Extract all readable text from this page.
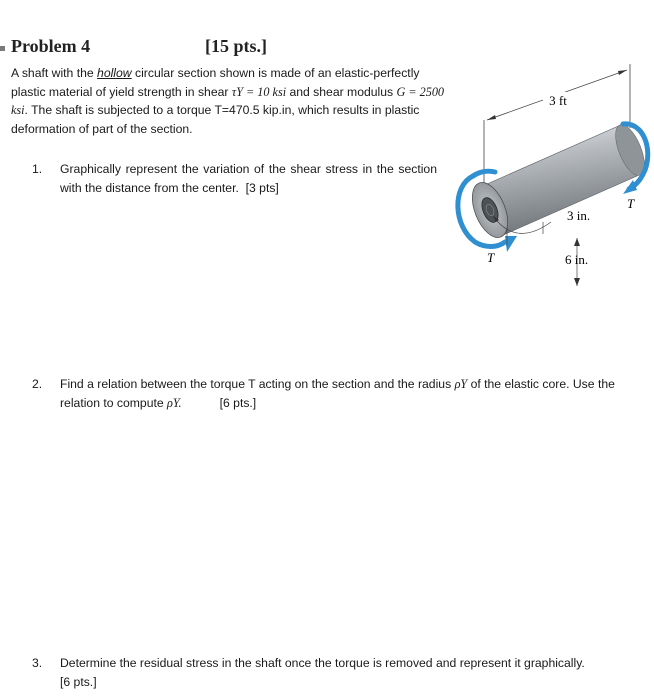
Problem 4	[15 pts.]
A shaft with the hollow circular section shown is made of an elastic-perfectly plastic material of yield strength in shear τY = 10 ksi and shear modulus G = 2500 ksi. The shaft is subjected to a torque T=470.5 kip.in, which results in plastic deformation of part of the section.
1. Graphically represent the variation of the shear stress in the section with the distance from the center. [3 pts]
2. Find a relation between the torque T acting on the section and the radius ρY of the elastic core. Use the relation to compute ρY.	[6 pts.]
3. Determine the residual stress in the shaft once the torque is removed and represent it graphically.
[6 pts.]
3 ft
T
T
3 in.
6 in.
